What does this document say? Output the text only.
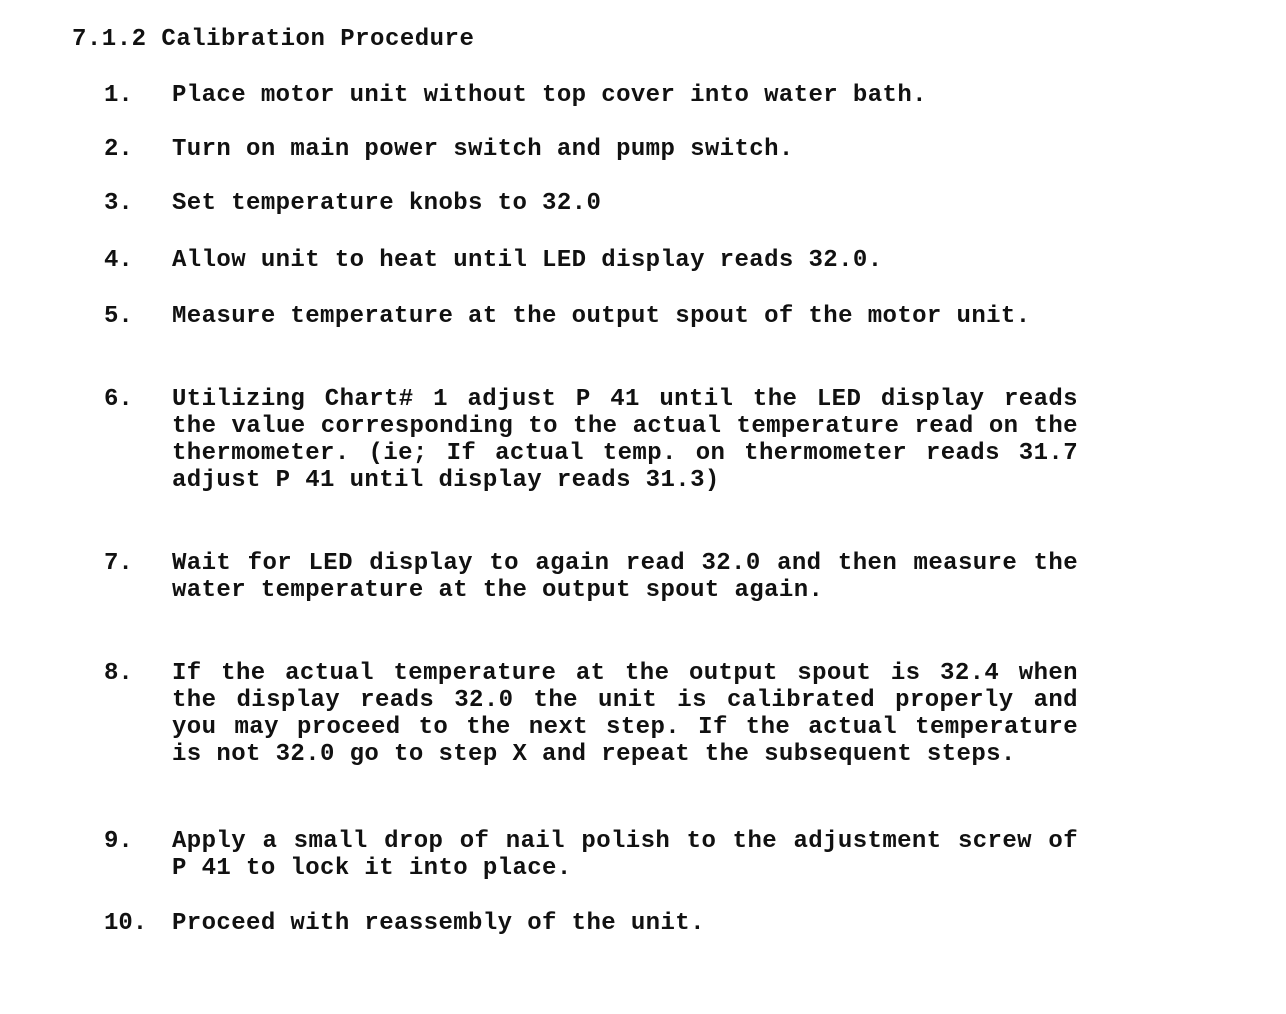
7.1.2 Calibration Procedure
1. Place motor unit without top cover into water bath.
2. Turn on main power switch and pump switch.
3. Set temperature knobs to 32.0
4. Allow unit to heat until LED display reads 32.0.
5. Measure temperature at the output spout of the motor unit.
6. Utilizing Chart# 1 adjust P 41 until the LED display reads the value corresponding to the actual temperature read on the thermometer. (ie; If actual temp. on thermometer reads 31.7 adjust P 41 until display reads 31.3)
7. Wait for LED display to again read 32.0 and then measure the water temperature at the output spout again.
8. If the actual temperature at the output spout is 32.4 when the display reads 32.0 the unit is calibrated properly and you may proceed to the next step. If the actual temperature is not 32.0 go to step X and repeat the subsequent steps.
9. Apply a small drop of nail polish to the adjustment screw of P 41 to lock it into place.
10. Proceed with reassembly of the unit.
